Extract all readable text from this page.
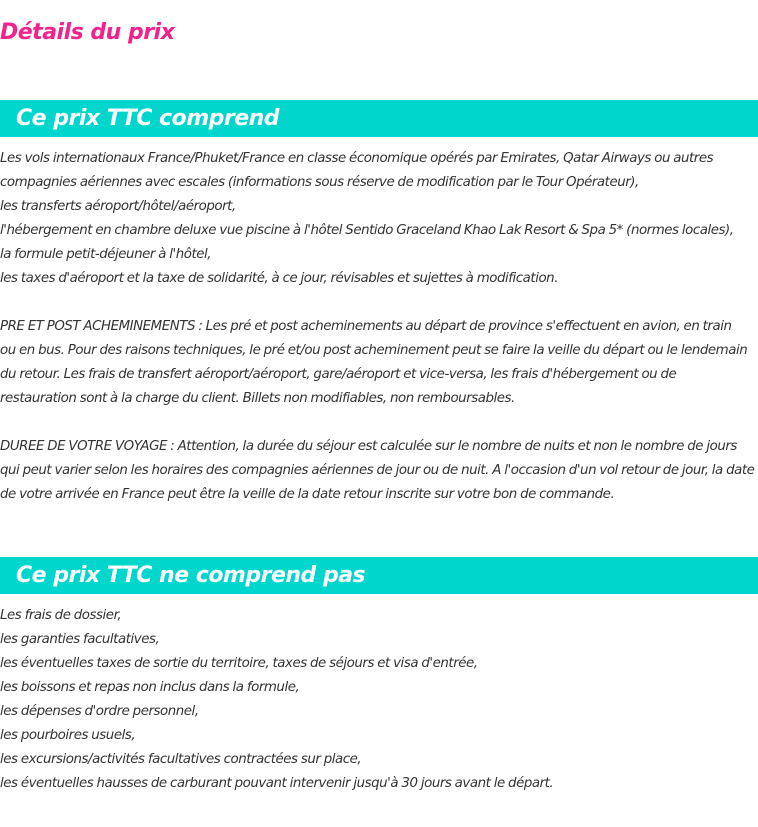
Détails du prix
Ce prix TTC comprend
Les vols internationaux France/Phuket/France en classe économique opérés par Emirates, Qatar Airways ou autres
compagnies aériennes avec escales (informations sous réserve de modification par le Tour Opérateur),
les transferts aéroport/hôtel/aéroport,
l'hébergement en chambre deluxe vue piscine à l'hôtel Sentido Graceland Khao Lak Resort & Spa 5* (normes locales),
la formule petit-déjeuner à l'hôtel,
les taxes d'aéroport et la taxe de solidarité, à ce jour, révisables et sujettes à modification.
PRE ET POST ACHEMINEMENTS : Les pré et post acheminements au départ de province s'effectuent en avion, en train
ou en bus. Pour des raisons techniques, le pré et/ou post acheminement peut se faire la veille du départ ou le lendemain
du retour. Les frais de transfert aéroport/aéroport, gare/aéroport et vice-versa, les frais d'hébergement ou de
restauration sont à la charge du client. Billets non modifiables, non remboursables.
DUREE DE VOTRE VOYAGE : Attention, la durée du séjour est calculée sur le nombre de nuits et non le nombre de jours
qui peut varier selon les horaires des compagnies aériennes de jour ou de nuit. A l'occasion d'un vol retour de jour, la date
de votre arrivée en France peut être la veille de la date retour inscrite sur votre bon de commande.
Ce prix TTC ne comprend pas
Les frais de dossier,
les garanties facultatives,
les éventuelles taxes de sortie du territoire, taxes de séjours et visa d'entrée,
les boissons et repas non inclus dans la formule,
les dépenses d'ordre personnel,
les pourboires usuels,
les excursions/activités facultatives contractées sur place,
les éventuelles hausses de carburant pouvant intervenir jusqu'à 30 jours avant le départ.
